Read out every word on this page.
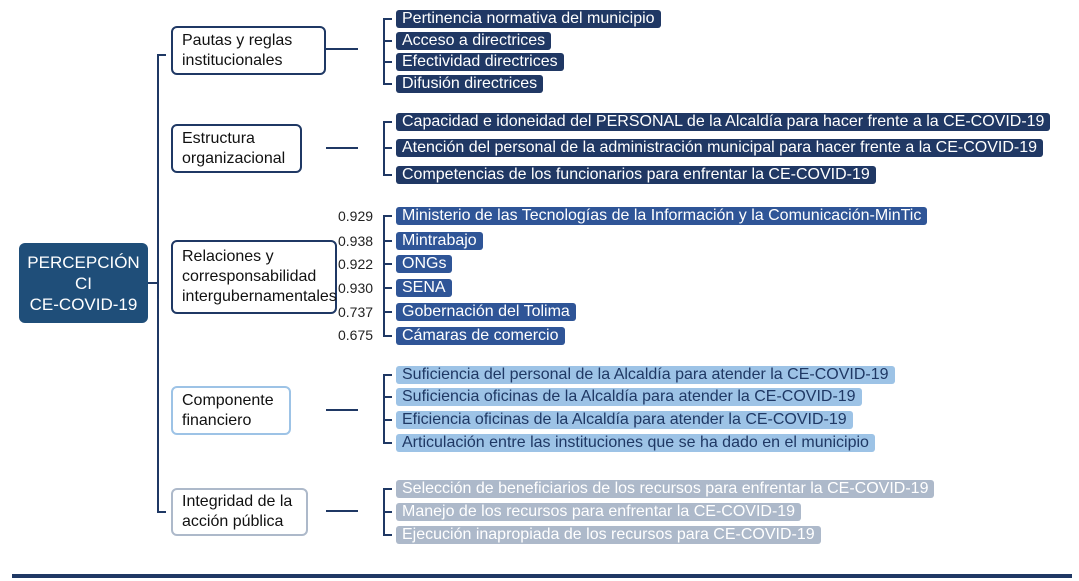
PERCEPCIÓN
CI
CE-COVID-19
Pautas y reglas institucionales
Pertinencia normativa del municipio
Acceso a directrices
Efectividad directrices
Difusión directrices
Estructura organizacional
Capacidad e idoneidad del PERSONAL de la Alcaldía para hacer frente a la CE-COVID-19
Atención del personal de la administración municipal para hacer frente a la CE-COVID-19
Competencias de los funcionarios para enfrentar la CE-COVID-19
Relaciones y corresponsabilidad intergubernamentales
0.929
0.938
0.922
0.930
0.737
0.675
Ministerio de las Tecnologías de la Información y la Comunicación-MinTic
Mintrabajo
ONGs
SENA
Gobernación del Tolima
Cámaras de comercio
Componente financiero
Suficiencia del personal de la Alcaldía para atender la CE-COVID-19
Suficiencia oficinas de la Alcaldía para atender la CE-COVID-19
Eficiencia oficinas de la Alcaldía para atender la CE-COVID-19
Articulación entre las instituciones que se ha dado en el municipio
Integridad de la acción pública
Selección de beneficiarios de los recursos para enfrentar la CE-COVID-19
Manejo de los recursos para enfrentar la CE-COVID-19
Ejecución inapropiada de los recursos para CE-COVID-19
